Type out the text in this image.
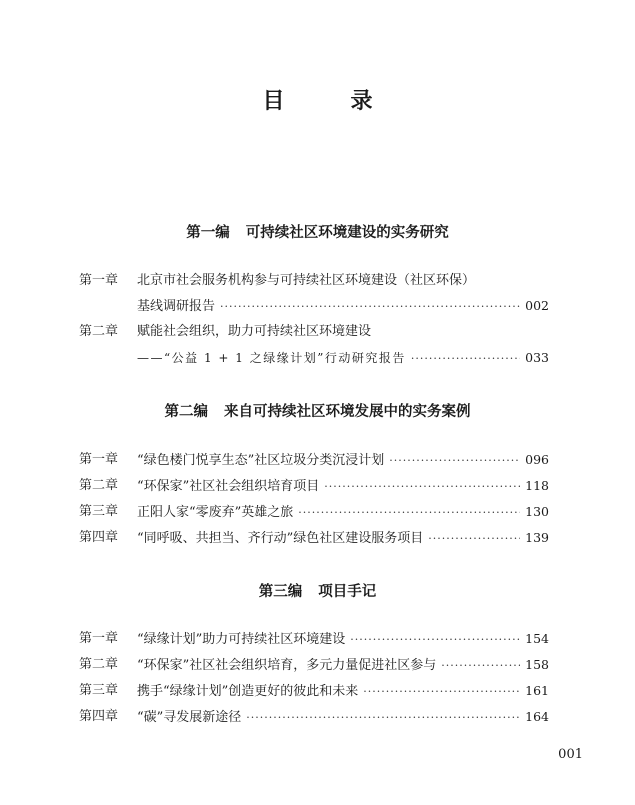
目　录
第一编 可持续社区环境建设的实务研究
第一章	北京市社会服务机构参与可持续社区环境建设（社区环保）
基线调研报告 ·····	002
第二章	赋能社会组织，助力可持续社区环境建设
——“公益 1 + 1 之绿缘计划”行动研究报告 ·····	033
第二编 来自可持续社区环境发展中的实务案例
第一章	“绿色楼门悦享生态”社区垃圾分类沉浸计划 ·····	096
第二章	“环保家”社区社会组织培育项目 ·····	118
第三章	正阳人家“零废弃”英雄之旅 ·····	130
第四章	“同呼吸、共担当、齐行动”绿色社区建设服务项目 ·····	139
第三编 项目手记
第一章	“绿缘计划”助力可持续社区环境建设 ·····	154
第二章	“环保家”社区社会组织培育，多元力量促进社区参与 ·····	158
第三章	携手“绿缘计划”创造更好的彼此和未来 ·····	161
第四章	“碳”寻发展新途径 ·····	164
001
